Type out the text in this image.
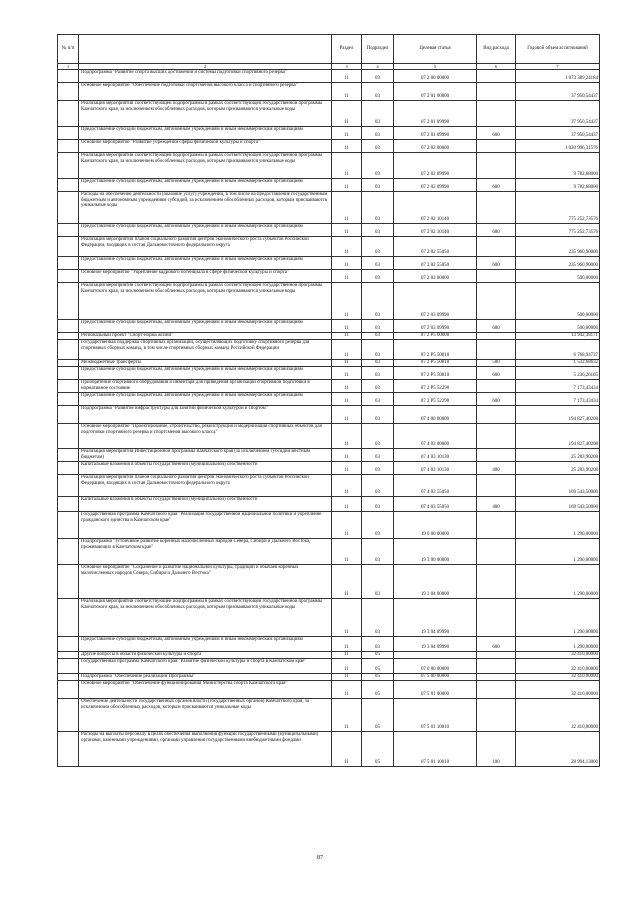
№ п/п		Раздел	Подраздел	Целевая статья	Вид расхода	Годовой объем ассигнований
1	2	3	4	5	6	7
	Подпрограмма "Развитие спорта высших достижений и системы подготовки спортивного резерва"	11	03	07 2 00 00000		1 073 389,24184
	Основное мероприятие "Обеспечение подготовки спортсменов высокого класса и спортивного резерва"	11	03	07 2 01 00000		37 950,54437
	Реализация мероприятий соответствующей подпрограммы в рамках соответствующей государственной программы Камчатского края, за исключением обособленных расходов, которым присваиваются уникальные коды	11	03	07 2 01 09990		37 950,54437
	Предоставление субсидий бюджетным, автономным учреждениям и иным некоммерческим организациям	11	03	07 2 01 09990	600	37 950,54437
	Основное мероприятие "Развитие учреждений сферы физической культуры и спорта"	11	03	07 2 02 00000		1 020 996,31576
	Реализация мероприятий соответствующей подпрограммы в рамках соответствующей государственной программы Камчатского края, за исключением обособленных расходов, которым присваиваются уникальные коды	11	03	07 2 02 09990		9 782,68000
	Предоставление субсидий бюджетным, автономным учреждениям и иным некоммерческим организациям	11	03	07 2 02 09990	600	9 782,68000
	Расходы на обеспечение деятельности (оказание услуг) учреждений, в том числе на предоставление государственным бюджетным и автономным учреждениям субсидий, за исключением обособленных расходов, которым присваиваются уникальные коды	11	03	07 2 02 10140		775 252,73576
	Предоставление субсидий бюджетным, автономным учреждениям и иным некоммерческим организациям	11	03	07 2 02 10140	600	775 252,73576
	Реализация мероприятий планов социального развития центров экономического роста субъектов Российской Федерации, входящих в состав Дальневосточного федерального округа	11	03	07 2 02 55050		235 960,90000
	Предоставление субсидий бюджетным, автономным учреждениям и иным некоммерческим организациям	11	03	07 2 02 55050	600	235 960,90000
	Основное мероприятие "Укрепление кадрового потенциала в сфере физической культуры и спорта"	11	03	07 2 03 00000		500,00000
	Реализация мероприятий соответствующей подпрограммы в рамках соответствующей государственной программы Камчатского края, за исключением обособленных расходов, которым присваиваются уникальные коды	11	03	07 2 03 09990		500,00000
	Предоставление субсидий бюджетным, автономным учреждениям и иным некоммерческим организациям	11	03	07 2 03 09990	600	500,00000
	Региональный проект "Спорт-норма жизни"	11	03	07 2 P5 00000		13 942,38171
	Государственная поддержка спортивных организаций, осуществляющих подготовку спортивного резерва для спортивных сборных команд, в том числе спортивных сборных команд Российской Федерации	11	03	07 2 P5 50810		6 768,94737
	Межбюджетные трансферты	11	03	07 2 P5 50810	500	1 532,68632
	Предоставление субсидий бюджетным, автономным учреждениям и иным некоммерческим организациям	11	03	07 2 P5 50810	600	5 236,26105
	Приобретение спортивного оборудования и инвентаря для приведения организаций спортивной подготовки в нормативное состояние	11	03	07 2 P5 52290		7 173,43434
	Предоставление субсидий бюджетным, автономным учреждениям и иным некоммерческим организациям	11	03	07 2 P5 52290	600	7 173,43434
	Подпрограмма "Развитие инфраструктуры для занятий физической культурой и спортом"	11	03	07 4 00 00000		194 827,40208
	Основное мероприятие "Проектирование, строительство, реконструкция и модернизация спортивных объектов для подготовки спортивного резерва и спортсменов высокого класса"	11	03	07 4 03 00000		194 827,40208
	Реализация мероприятий Инвестиционной программы Камчатского края (за исключением субсидий местным бюджетам)	11	03	07 4 03 10130		25 283,90208
	Капитальные вложения в объекты государственной (муниципальной) собственности	11	03	07 4 03 10130	400	25 283,90208
	Реализация мероприятий планов социального развития центров экономического роста субъектов Российской Федерации, входящих в состав Дальневосточного федерального округа	11	03	07 4 03 55050		169 543,50000
	Капитальные вложения в объекты государственной (муниципальной) собственности	11	03	07 4 03 55050	400	169 543,50000
	Государственная программа Камчатского края "Реализация государственной национальной политики и укрепление гражданского единства в Камчатском крае"	11	03	19 0 00 00000		1 290,00000
	Подпрограмма "Устойчивое развитие коренных малочисленных народов Севера, Сибири и Дальнего Востока, проживающих в Камчатском крае"	11	03	19 3 00 00000		1 290,00000
	Основное мероприятие "Сохранение и развитие национальной культуры, традиций и обычаев коренных малочисленных народов Севера, Сибири и Дальнего Востока"	11	03	19 3 04 00000		1 290,00000
	Реализация мероприятий соответствующей подпрограммы в рамках соответствующей государственной программы Камчатского края, за исключением обособленных расходов, которым присваиваются уникальные коды	11	03	19 3 04 09990		1 290,00000
	Предоставление субсидий бюджетным, автономным учреждениям и иным некоммерческим организациям	11	03	19 3 04 09990	600	1 290,00000
	Другие вопросы в области физической культуры и спорта	11	05			32 410,00000
	Государственная программа Камчатского края "Развитие физической культуры и спорта в Камчатском крае"	11	05	07 0 00 00000		32 410,00000
	Подпрограмма "Обеспечение реализации Программы"	11	05	07 5 00 00000		32 410,00000
	Основное мероприятие "Обеспечение функционирования Министерства спорта Камчатского края"	11	05	07 5 01 00000		32 410,00000
	Обеспечение деятельности государственных органов власти (государственных органов) Камчатского края, за исключением обособленных расходов, которым присваиваются уникальные коды	11	05	07 5 01 10010		32 410,00000
	Расходы на выплаты персоналу в целях обеспечения выполнения функций государственными (муниципальными) органами, казенными учреждениями, органами управления государственными внебюджетными фондами	11	05	07 5 01 10010	100	28 994,13000
87
